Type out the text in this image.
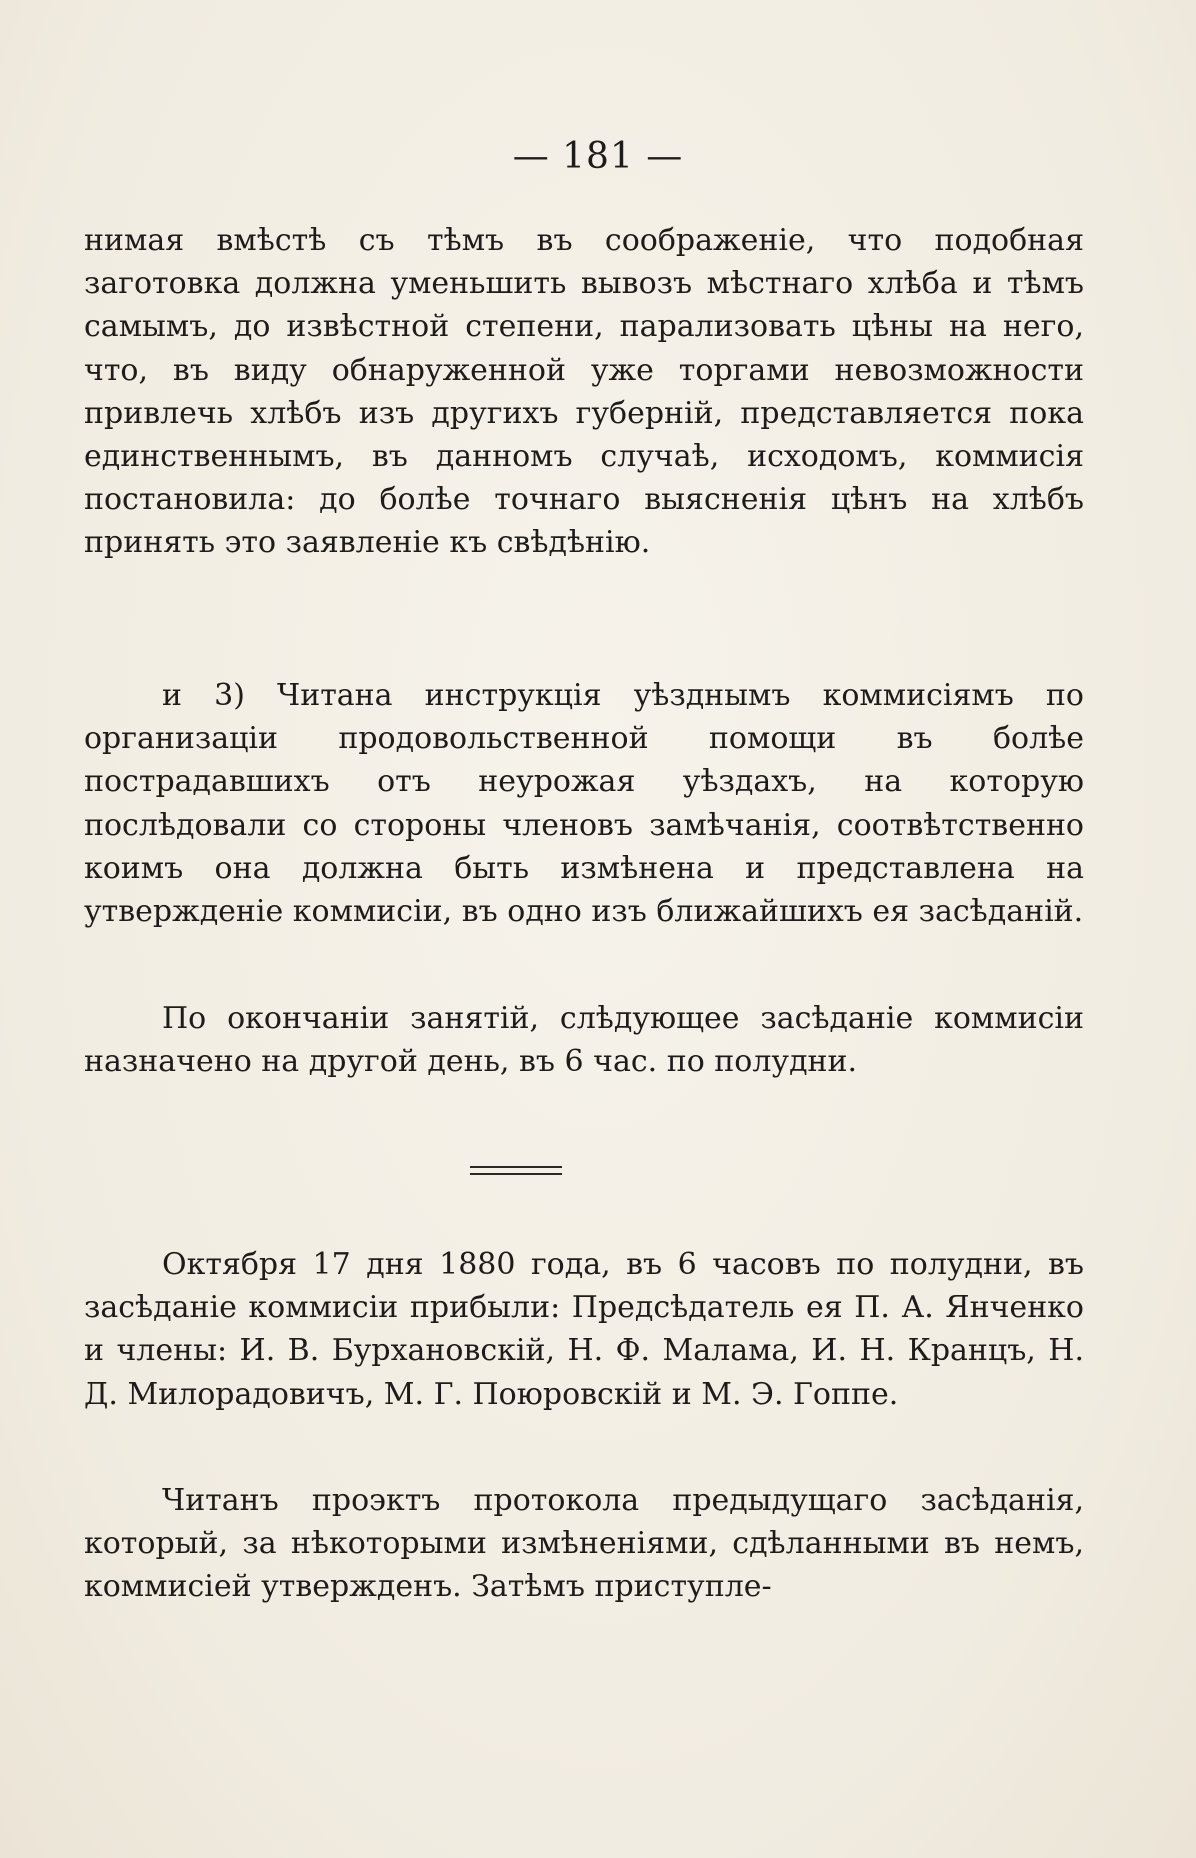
— 181 —

нимая вмѣстѣ съ тѣмъ въ соображеніе, что подобная заготовка должна уменьшить вывозъ мѣстнаго хлѣба и тѣмъ самымъ, до извѣстной степени, парализовать цѣны на него, что, въ виду обнаруженной уже торгами невозможности привлечь хлѣбъ изъ другихъ губерній, представляется пока единственнымъ, въ данномъ случаѣ, исходомъ, коммисія постановила: до болѣе точнаго выясненія цѣнъ на хлѣбъ принять это заявленіе къ свѣдѣнію.

и 3) Читана инструкція уѣзднымъ коммисіямъ по организаціи продовольственной помощи въ болѣе пострадавшихъ отъ неурожая уѣздахъ, на которую послѣдовали со стороны членовъ замѣчанія, соотвѣтственно коимъ она должна быть измѣнена и представлена на утвержденіе коммисіи, въ одно изъ ближайшихъ ея засѣданій.

По окончаніи занятій, слѣдующее засѣданіе коммисіи назначено на другой день, въ 6 час. по полудни.

Октября 17 дня 1880 года, въ 6 часовъ по полудни, въ засѣданіе коммисіи прибыли: Предсѣдатель ея П. А. Янченко и члены: И. В. Бурхановскій, Н. Ф. Малама, И. Н. Кранцъ, Н. Д. Милорадовичъ, М. Г. Поюровскій и М. Э. Гоппе.

Читанъ проэктъ протокола предыдущаго засѣданія, который, за нѣкоторыми измѣненіями, сдѣланными въ немъ, коммисіей утвержденъ. Затѣмъ приступле-
